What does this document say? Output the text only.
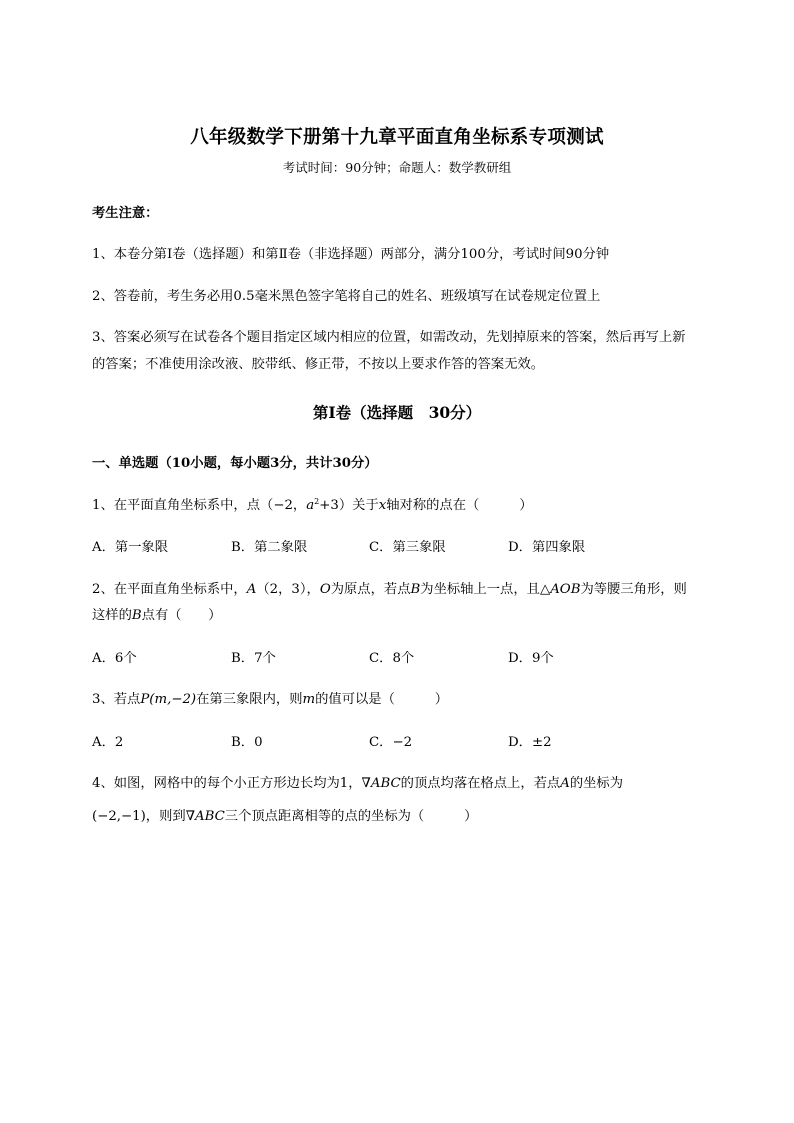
八年级数学下册第十九章平面直角坐标系专项测试
考试时间：90分钟；命题人：数学教研组
考生注意：
1、本卷分第I卷（选择题）和第Ⅱ卷（非选择题）两部分，满分100分，考试时间90分钟
2、答卷前，考生务必用0.5毫米黑色签字笔将自己的姓名、班级填写在试卷规定位置上
3、答案必须写在试卷各个题目指定区域内相应的位置，如需改动，先划掉原来的答案，然后再写上新
的答案；不准使用涂改液、胶带纸、修正带，不按以上要求作答的答案无效。
第I卷（选择题　30分）
一、单选题（10小题，每小题3分，共计30分）
1、在平面直角坐标系中，点（−2，$a^2+3$）关于x轴对称的点在（　　　）
A．第一象限	B．第二象限	C．第三象限	D．第四象限
2、在平面直角坐标系中，A（2，3），O为原点，若点B为坐标轴上一点，且△AOB为等腰三角形，则
这样的B点有（　　）
A．6个	B．7个	C．8个	D．9个
3、若点P(m,−2)在第三象限内，则m的值可以是（　　　）
A．2	B．0	C．−2	D．±2
4、如图，网格中的每个小正方形边长均为1，∇ABC的顶点均落在格点上，若点A的坐标为
(−2,−1)，则到∇ABC三个顶点距离相等的点的坐标为（　　　）
